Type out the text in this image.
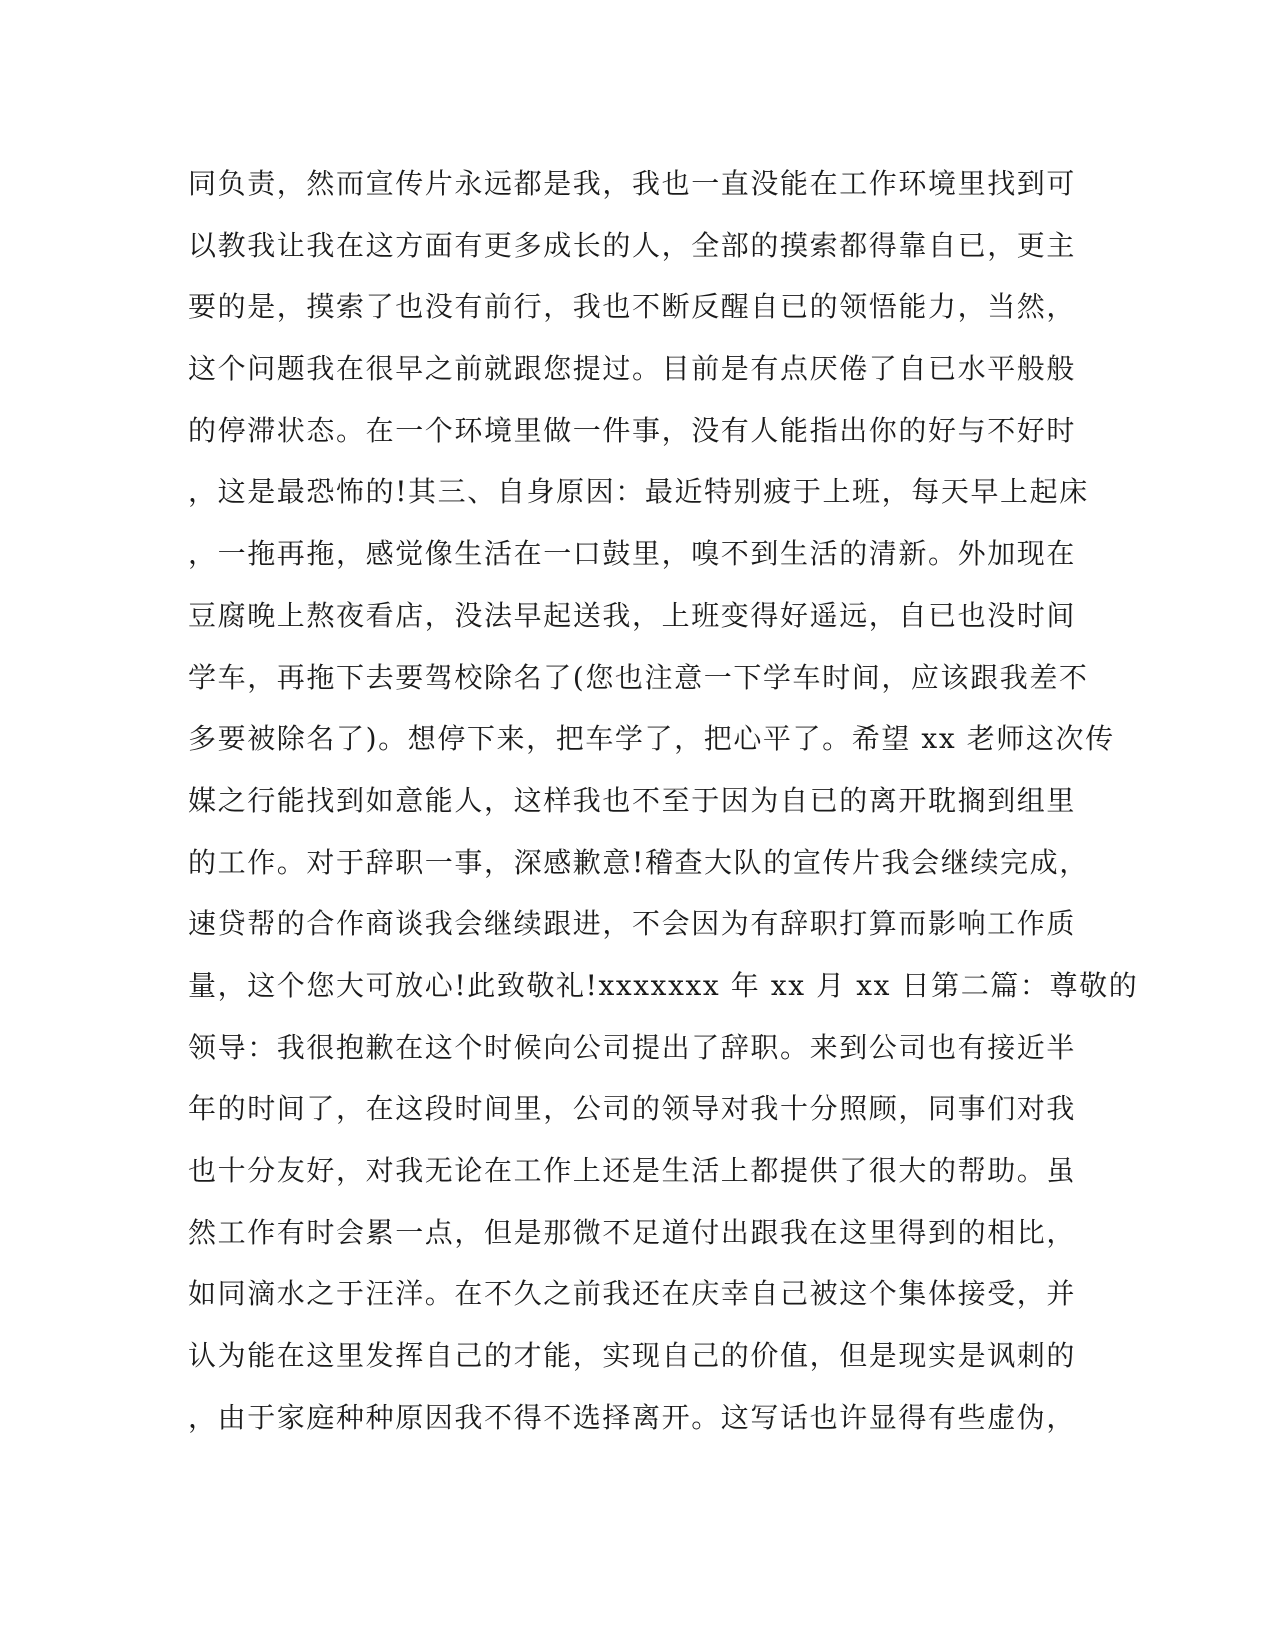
同负责，然而宣传片永远都是我，我也一直没能在工作环境里找到可
以教我让我在这方面有更多成长的人，全部的摸索都得靠自已，更主
要的是，摸索了也没有前行，我也不断反醒自已的领悟能力，当然，
这个问题我在很早之前就跟您提过。目前是有点厌倦了自已水平般般
的停滞状态。在一个环境里做一件事，没有人能指出你的好与不好时
，这是最恐怖的!其三、自身原因：最近特别疲于上班，每天早上起床
，一拖再拖，感觉像生活在一口鼓里，嗅不到生活的清新。外加现在
豆腐晚上熬夜看店，没法早起送我，上班变得好遥远，自已也没时间
学车，再拖下去要驾校除名了(您也注意一下学车时间，应该跟我差不
多要被除名了)。想停下来，把车学了，把心平了。希望 xx 老师这次传
媒之行能找到如意能人，这样我也不至于因为自已的离开耽搁到组里
的工作。对于辞职一事，深感歉意!稽查大队的宣传片我会继续完成，
速贷帮的合作商谈我会继续跟进，不会因为有辞职打算而影响工作质
量，这个您大可放心!此致敬礼!xxxxxxx 年 xx 月 xx 日第二篇：尊敬的
领导：我很抱歉在这个时候向公司提出了辞职。来到公司也有接近半
年的时间了，在这段时间里，公司的领导对我十分照顾，同事们对我
也十分友好，对我无论在工作上还是生活上都提供了很大的帮助。虽
然工作有时会累一点，但是那微不足道付出跟我在这里得到的相比，
如同滴水之于汪洋。在不久之前我还在庆幸自己被这个集体接受，并
认为能在这里发挥自己的才能，实现自己的价值，但是现实是讽刺的
，由于家庭种种原因我不得不选择离开。这写话也许显得有些虚伪，
